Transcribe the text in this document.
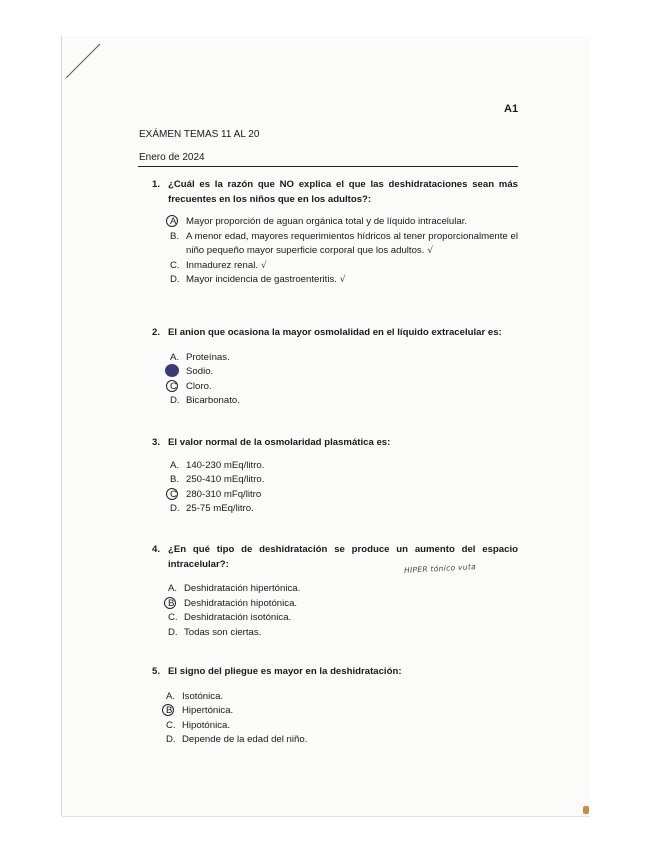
A1
EXÁMEN TEMAS 11 AL 20
Enero de 2024
1. ¿Cuál es la razón que NO explica el que las deshidrataciones sean más frecuentes en los niños que en los adultos?:
A Mayor proporción de aguan orgánica total y de líquido intracelular.
B. A menor edad, mayores requerimientos hídricos al tener proporcionalmente el niño pequeño mayor superficie corporal que los adultos. √
C. Inmadurez renal. √
D. Mayor incidencia de gastroenteritis. √
2. El anion que ocasiona la mayor osmolalidad en el líquido extracelular es:
A. Proteínas.
Sodio.
C Cloro.
D. Bicarbonato.
3. El valor normal de la osmolaridad plasmática es:
A. 140-230 mEq/litro.
B. 250-410 mEq/litro.
C 280-310 mFq/litro
D. 25-75 mEq/litro.
4. ¿En qué tipo de deshidratación se produce un aumento del espacio intracelular?:
A. Deshidratación hipertónica.
B Deshidratación hipotónica.
C. Deshidratación isotónica.
D. Todas son ciertas.
HIPER tónico vuta
5. El signo del pliegue es mayor en la deshidratación:
A. Isotónica.
B Hipertónica.
C. Hipotónica.
D. Depende de la edad del niño.
